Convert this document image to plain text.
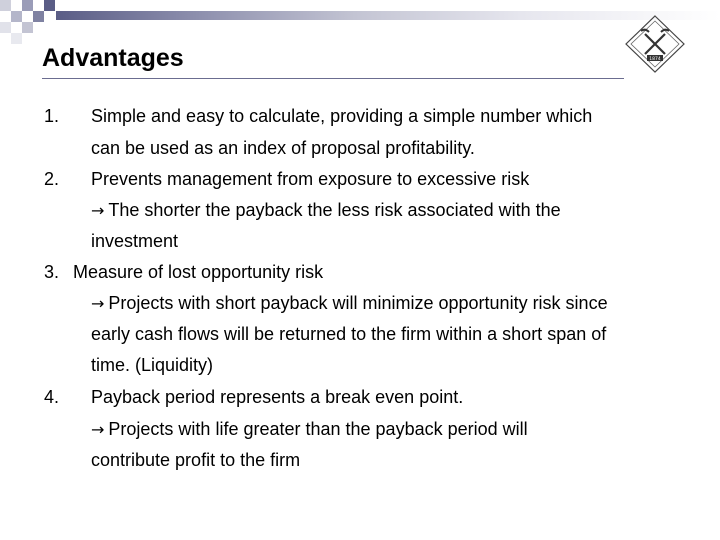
1874
Advantages
1. Simple and easy to calculate, providing a simple number which
can be used as an index of proposal profitability.
2. Prevents management from exposure to excessive risk
→ The shorter the payback the less risk associated with the
investment
3. Measure of lost opportunity risk
→ Projects with short payback will minimize opportunity risk since
early cash flows will be returned to the firm within a short span of
time. (Liquidity)
4. Payback period represents a break even point.
→ Projects with life greater than the payback period will
contribute profit to the firm
